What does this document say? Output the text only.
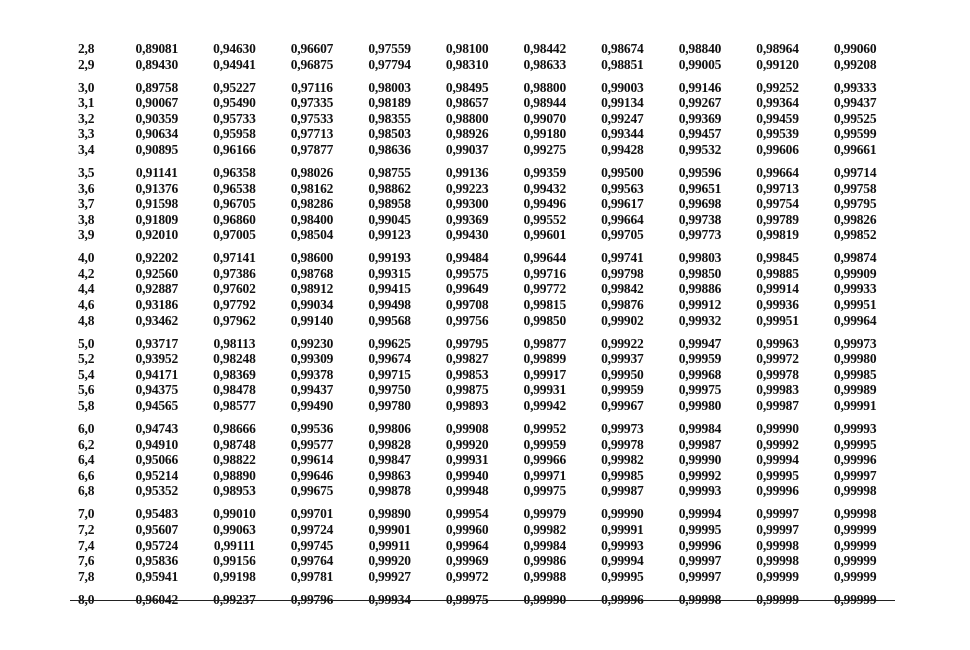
2,8	0,89081	0,94630	0,96607	0,97559	0,98100	0,98442	0,98674	0,98840	0,98964	0,99060
2,9	0,89430	0,94941	0,96875	0,97794	0,98310	0,98633	0,98851	0,99005	0,99120	0,99208

3,0	0,89758	0,95227	0,97116	0,98003	0,98495	0,98800	0,99003	0,99146	0,99252	0,99333
3,1	0,90067	0,95490	0,97335	0,98189	0,98657	0,98944	0,99134	0,99267	0,99364	0,99437
3,2	0,90359	0,95733	0,97533	0,98355	0,98800	0,99070	0,99247	0,99369	0,99459	0,99525
3,3	0,90634	0,95958	0,97713	0,98503	0,98926	0,99180	0,99344	0,99457	0,99539	0,99599
3,4	0,90895	0,96166	0,97877	0,98636	0,99037	0,99275	0,99428	0,99532	0,99606	0,99661

3,5	0,91141	0,96358	0,98026	0,98755	0,99136	0,99359	0,99500	0,99596	0,99664	0,99714
3,6	0,91376	0,96538	0,98162	0,98862	0,99223	0,99432	0,99563	0,99651	0,99713	0,99758
3,7	0,91598	0,96705	0,98286	0,98958	0,99300	0,99496	0,99617	0,99698	0,99754	0,99795
3,8	0,91809	0,96860	0,98400	0,99045	0,99369	0,99552	0,99664	0,99738	0,99789	0,99826
3,9	0,92010	0,97005	0,98504	0,99123	0,99430	0,99601	0,99705	0,99773	0,99819	0,99852

4,0	0,92202	0,97141	0,98600	0,99193	0,99484	0,99644	0,99741	0,99803	0,99845	0,99874
4,2	0,92560	0,97386	0,98768	0,99315	0,99575	0,99716	0,99798	0,99850	0,99885	0,99909
4,4	0,92887	0,97602	0,98912	0,99415	0,99649	0,99772	0,99842	0,99886	0,99914	0,99933
4,6	0,93186	0,97792	0,99034	0,99498	0,99708	0,99815	0,99876	0,99912	0,99936	0,99951
4,8	0,93462	0,97962	0,99140	0,99568	0,99756	0,99850	0,99902	0,99932	0,99951	0,99964

5,0	0,93717	0,98113	0,99230	0,99625	0,99795	0,99877	0,99922	0,99947	0,99963	0,99973
5,2	0,93952	0,98248	0,99309	0,99674	0,99827	0,99899	0,99937	0,99959	0,99972	0,99980
5,4	0,94171	0,98369	0,99378	0,99715	0,99853	0,99917	0,99950	0,99968	0,99978	0,99985
5,6	0,94375	0,98478	0,99437	0,99750	0,99875	0,99931	0,99959	0,99975	0,99983	0,99989
5,8	0,94565	0,98577	0,99490	0,99780	0,99893	0,99942	0,99967	0,99980	0,99987	0,99991

6,0	0,94743	0,98666	0,99536	0,99806	0,99908	0,99952	0,99973	0,99984	0,99990	0,99993
6,2	0,94910	0,98748	0,99577	0,99828	0,99920	0,99959	0,99978	0,99987	0,99992	0,99995
6,4	0,95066	0,98822	0,99614	0,99847	0,99931	0,99966	0,99982	0,99990	0,99994	0,99996
6,6	0,95214	0,98890	0,99646	0,99863	0,99940	0,99971	0,99985	0,99992	0,99995	0,99997
6,8	0,95352	0,98953	0,99675	0,99878	0,99948	0,99975	0,99987	0,99993	0,99996	0,99998

7,0	0,95483	0,99010	0,99701	0,99890	0,99954	0,99979	0,99990	0,99994	0,99997	0,99998
7,2	0,95607	0,99063	0,99724	0,99901	0,99960	0,99982	0,99991	0,99995	0,99997	0,99999
7,4	0,95724	0,99111	0,99745	0,99911	0,99964	0,99984	0,99993	0,99996	0,99998	0,99999
7,6	0,95836	0,99156	0,99764	0,99920	0,99969	0,99986	0,99994	0,99997	0,99998	0,99999
7,8	0,95941	0,99198	0,99781	0,99927	0,99972	0,99988	0,99995	0,99997	0,99999	0,99999

8,0	0,96042	0,99237	0,99796	0,99934	0,99975	0,99990	0,99996	0,99998	0,99999	0,99999
